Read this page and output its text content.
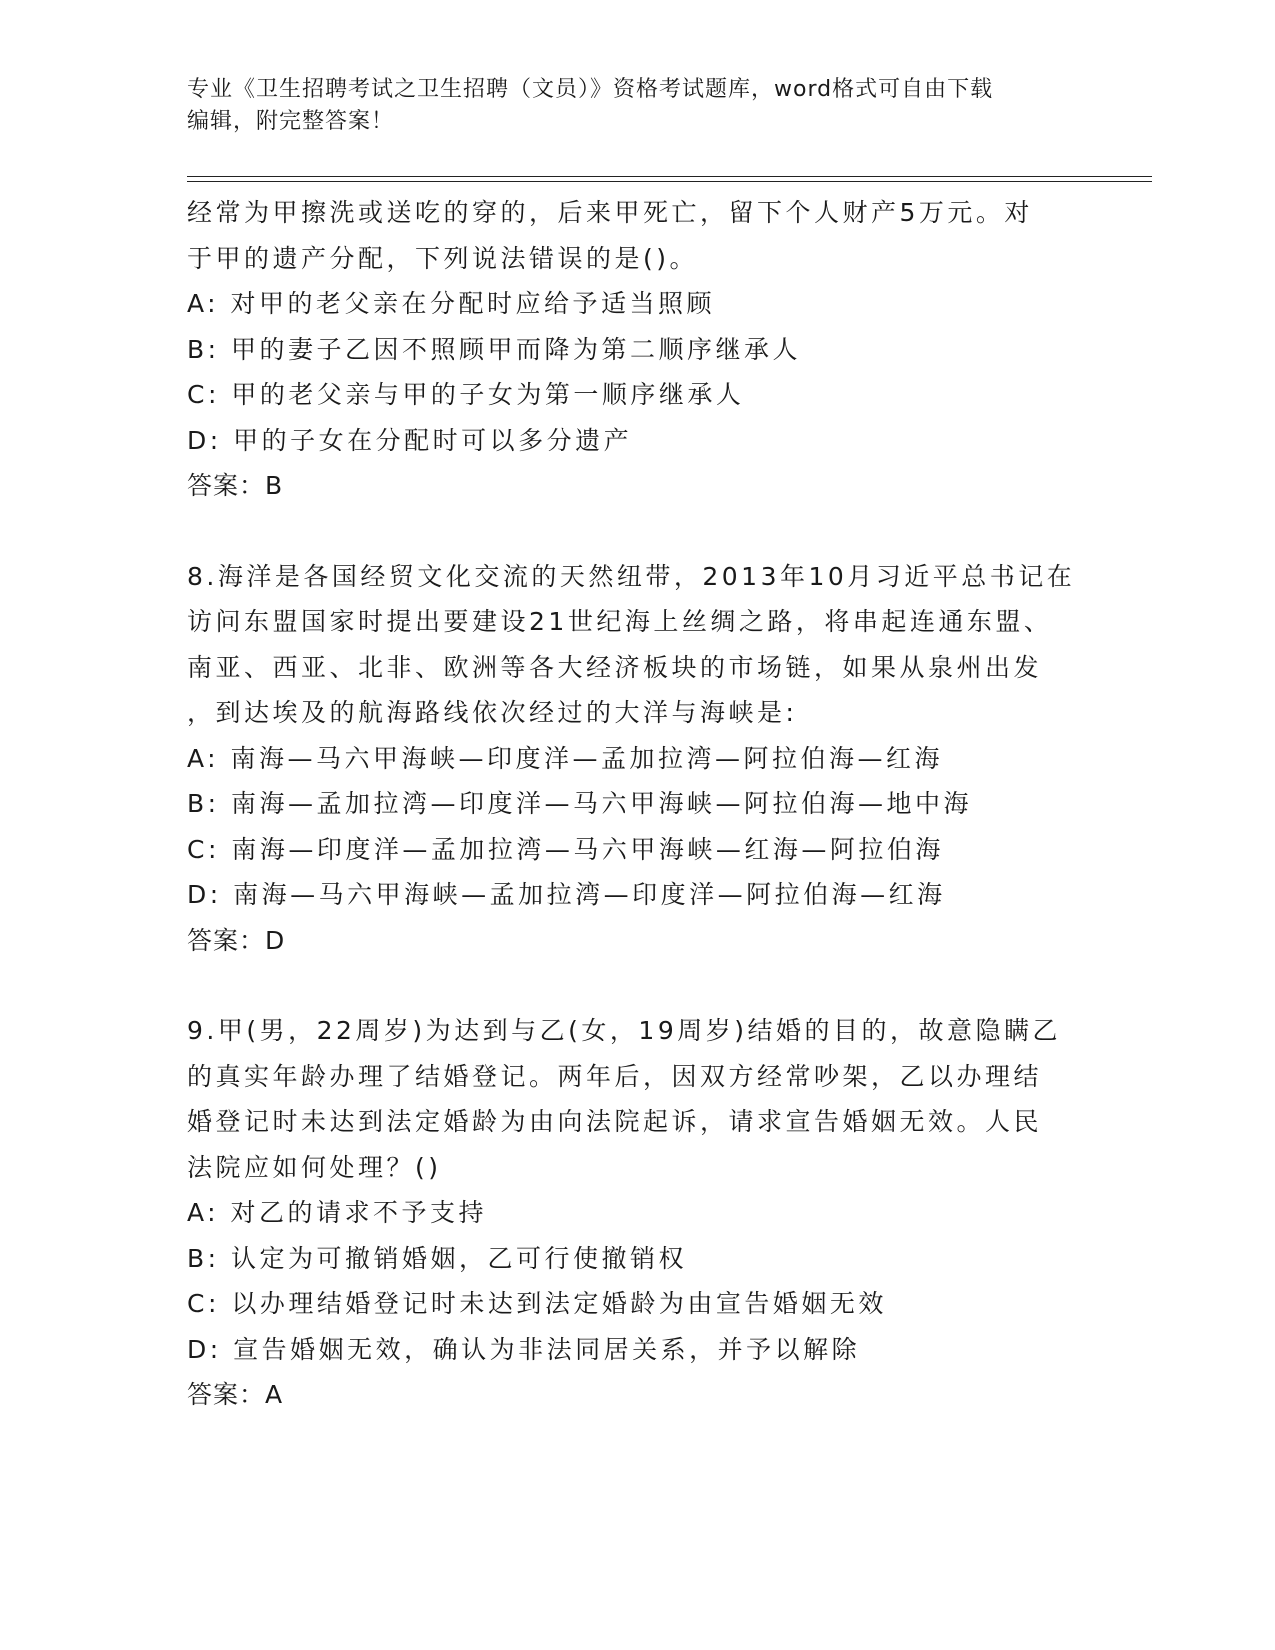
专业《卫生招聘考试之卫生招聘（文员）》资格考试题库，word格式可自由下载
编辑，附完整答案！
经常为甲擦洗或送吃的穿的，后来甲死亡，留下个人财产5万元。对
于甲的遗产分配，下列说法错误的是()。
A: 对甲的老父亲在分配时应给予适当照顾
B: 甲的妻子乙因不照顾甲而降为第二顺序继承人
C: 甲的老父亲与甲的子女为第一顺序继承人
D: 甲的子女在分配时可以多分遗产
答案：B
8.海洋是各国经贸文化交流的天然纽带，2013年10月习近平总书记在
访问东盟国家时提出要建设21世纪海上丝绸之路，将串起连通东盟、
南亚、西亚、北非、欧洲等各大经济板块的市场链，如果从泉州出发
，到达埃及的航海路线依次经过的大洋与海峡是:
A: 南海—马六甲海峡—印度洋—孟加拉湾—阿拉伯海—红海
B: 南海—孟加拉湾—印度洋—马六甲海峡—阿拉伯海—地中海
C: 南海—印度洋—孟加拉湾—马六甲海峡—红海—阿拉伯海
D: 南海—马六甲海峡—孟加拉湾—印度洋—阿拉伯海—红海
答案：D
9.甲(男，22周岁)为达到与乙(女，19周岁)结婚的目的，故意隐瞒乙
的真实年龄办理了结婚登记。两年后，因双方经常吵架，乙以办理结
婚登记时未达到法定婚龄为由向法院起诉，请求宣告婚姻无效。人民
法院应如何处理？()
A: 对乙的请求不予支持
B: 认定为可撤销婚姻，乙可行使撤销权
C: 以办理结婚登记时未达到法定婚龄为由宣告婚姻无效
D: 宣告婚姻无效，确认为非法同居关系，并予以解除
答案：A
